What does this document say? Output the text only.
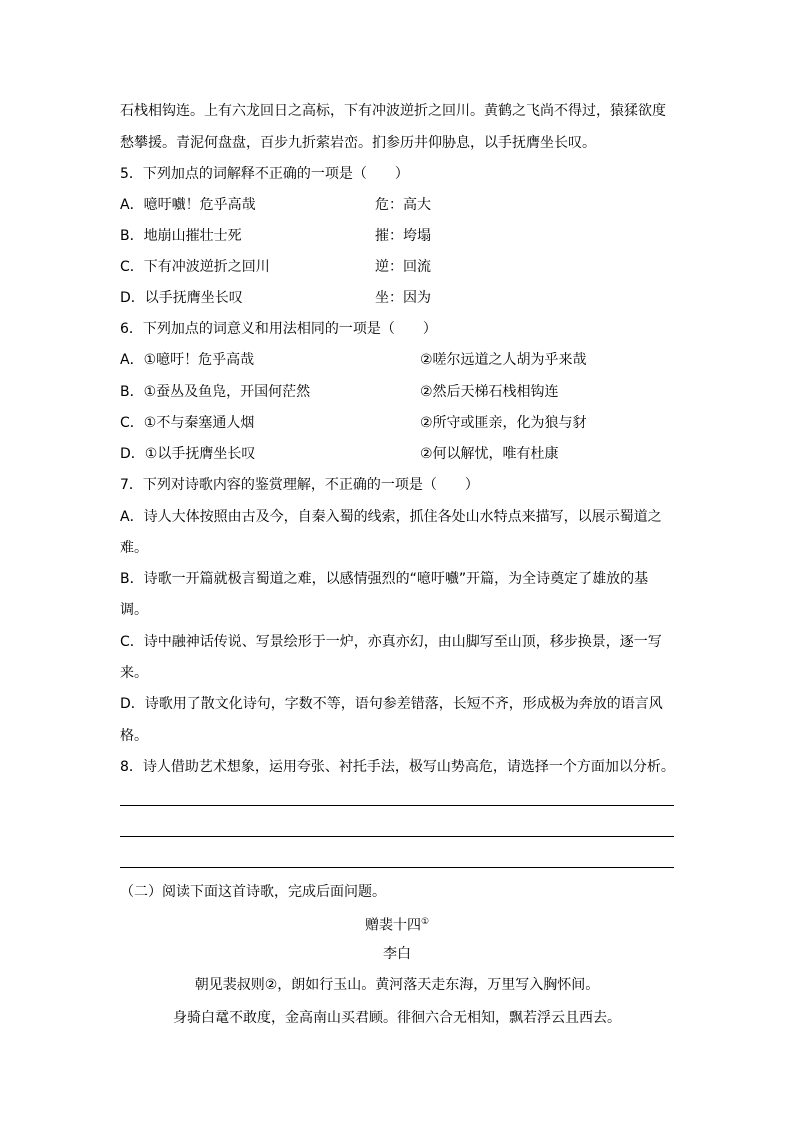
石栈相钩连。上有六龙回日之高标，下有冲波逆折之回川。黄鹤之飞尚不得过，猿猱欲度
愁攀援。青泥何盘盘，百步九折萦岩峦。扪参历井仰胁息，以手抚膺坐长叹。
5．下列加点的词解释不正确的一项是（　　）
A．噫吁嚱！危乎高哉	危：高大
B．地崩山摧壮士死	摧：垮塌
C．下有冲波逆折之回川	逆：回流
D．以手抚膺坐长叹	坐：因为
6．下列加点的词意义和用法相同的一项是（　　）
A．①噫吁！危乎高哉	②嗟尔远道之人胡为乎来哉
B．①蚕丛及鱼凫，开国何茫然	②然后天梯石栈相钩连
C．①不与秦塞通人烟	②所守或匪亲，化为狼与豺
D．①以手抚膺坐长叹	②何以解忧，唯有杜康
7．下列对诗歌内容的鉴赏理解，不正确的一项是（　　）
A．诗人大体按照由古及今，自秦入蜀的线索，抓住各处山水特点来描写，以展示蜀道之
难。
B．诗歌一开篇就极言蜀道之难，以感情强烈的“噫吁嚱”开篇，为全诗奠定了雄放的基
调。
C．诗中融神话传说、写景绘形于一炉，亦真亦幻，由山脚写至山顶，移步换景，逐一写
来。
D．诗歌用了散文化诗句，字数不等，语句参差错落，长短不齐，形成极为奔放的语言风
格。
8．诗人借助艺术想象，运用夸张、衬托手法，极写山势高危，请选择一个方面加以分析。
（二）阅读下面这首诗歌，完成后面问题。
赠裴十四①
李白
朝见裴叔则②，朗如行玉山。黄河落天走东海，万里写入胸怀间。
身骑白鼋不敢度，金高南山买君顾。徘徊六合无相知，飘若浮云且西去。
